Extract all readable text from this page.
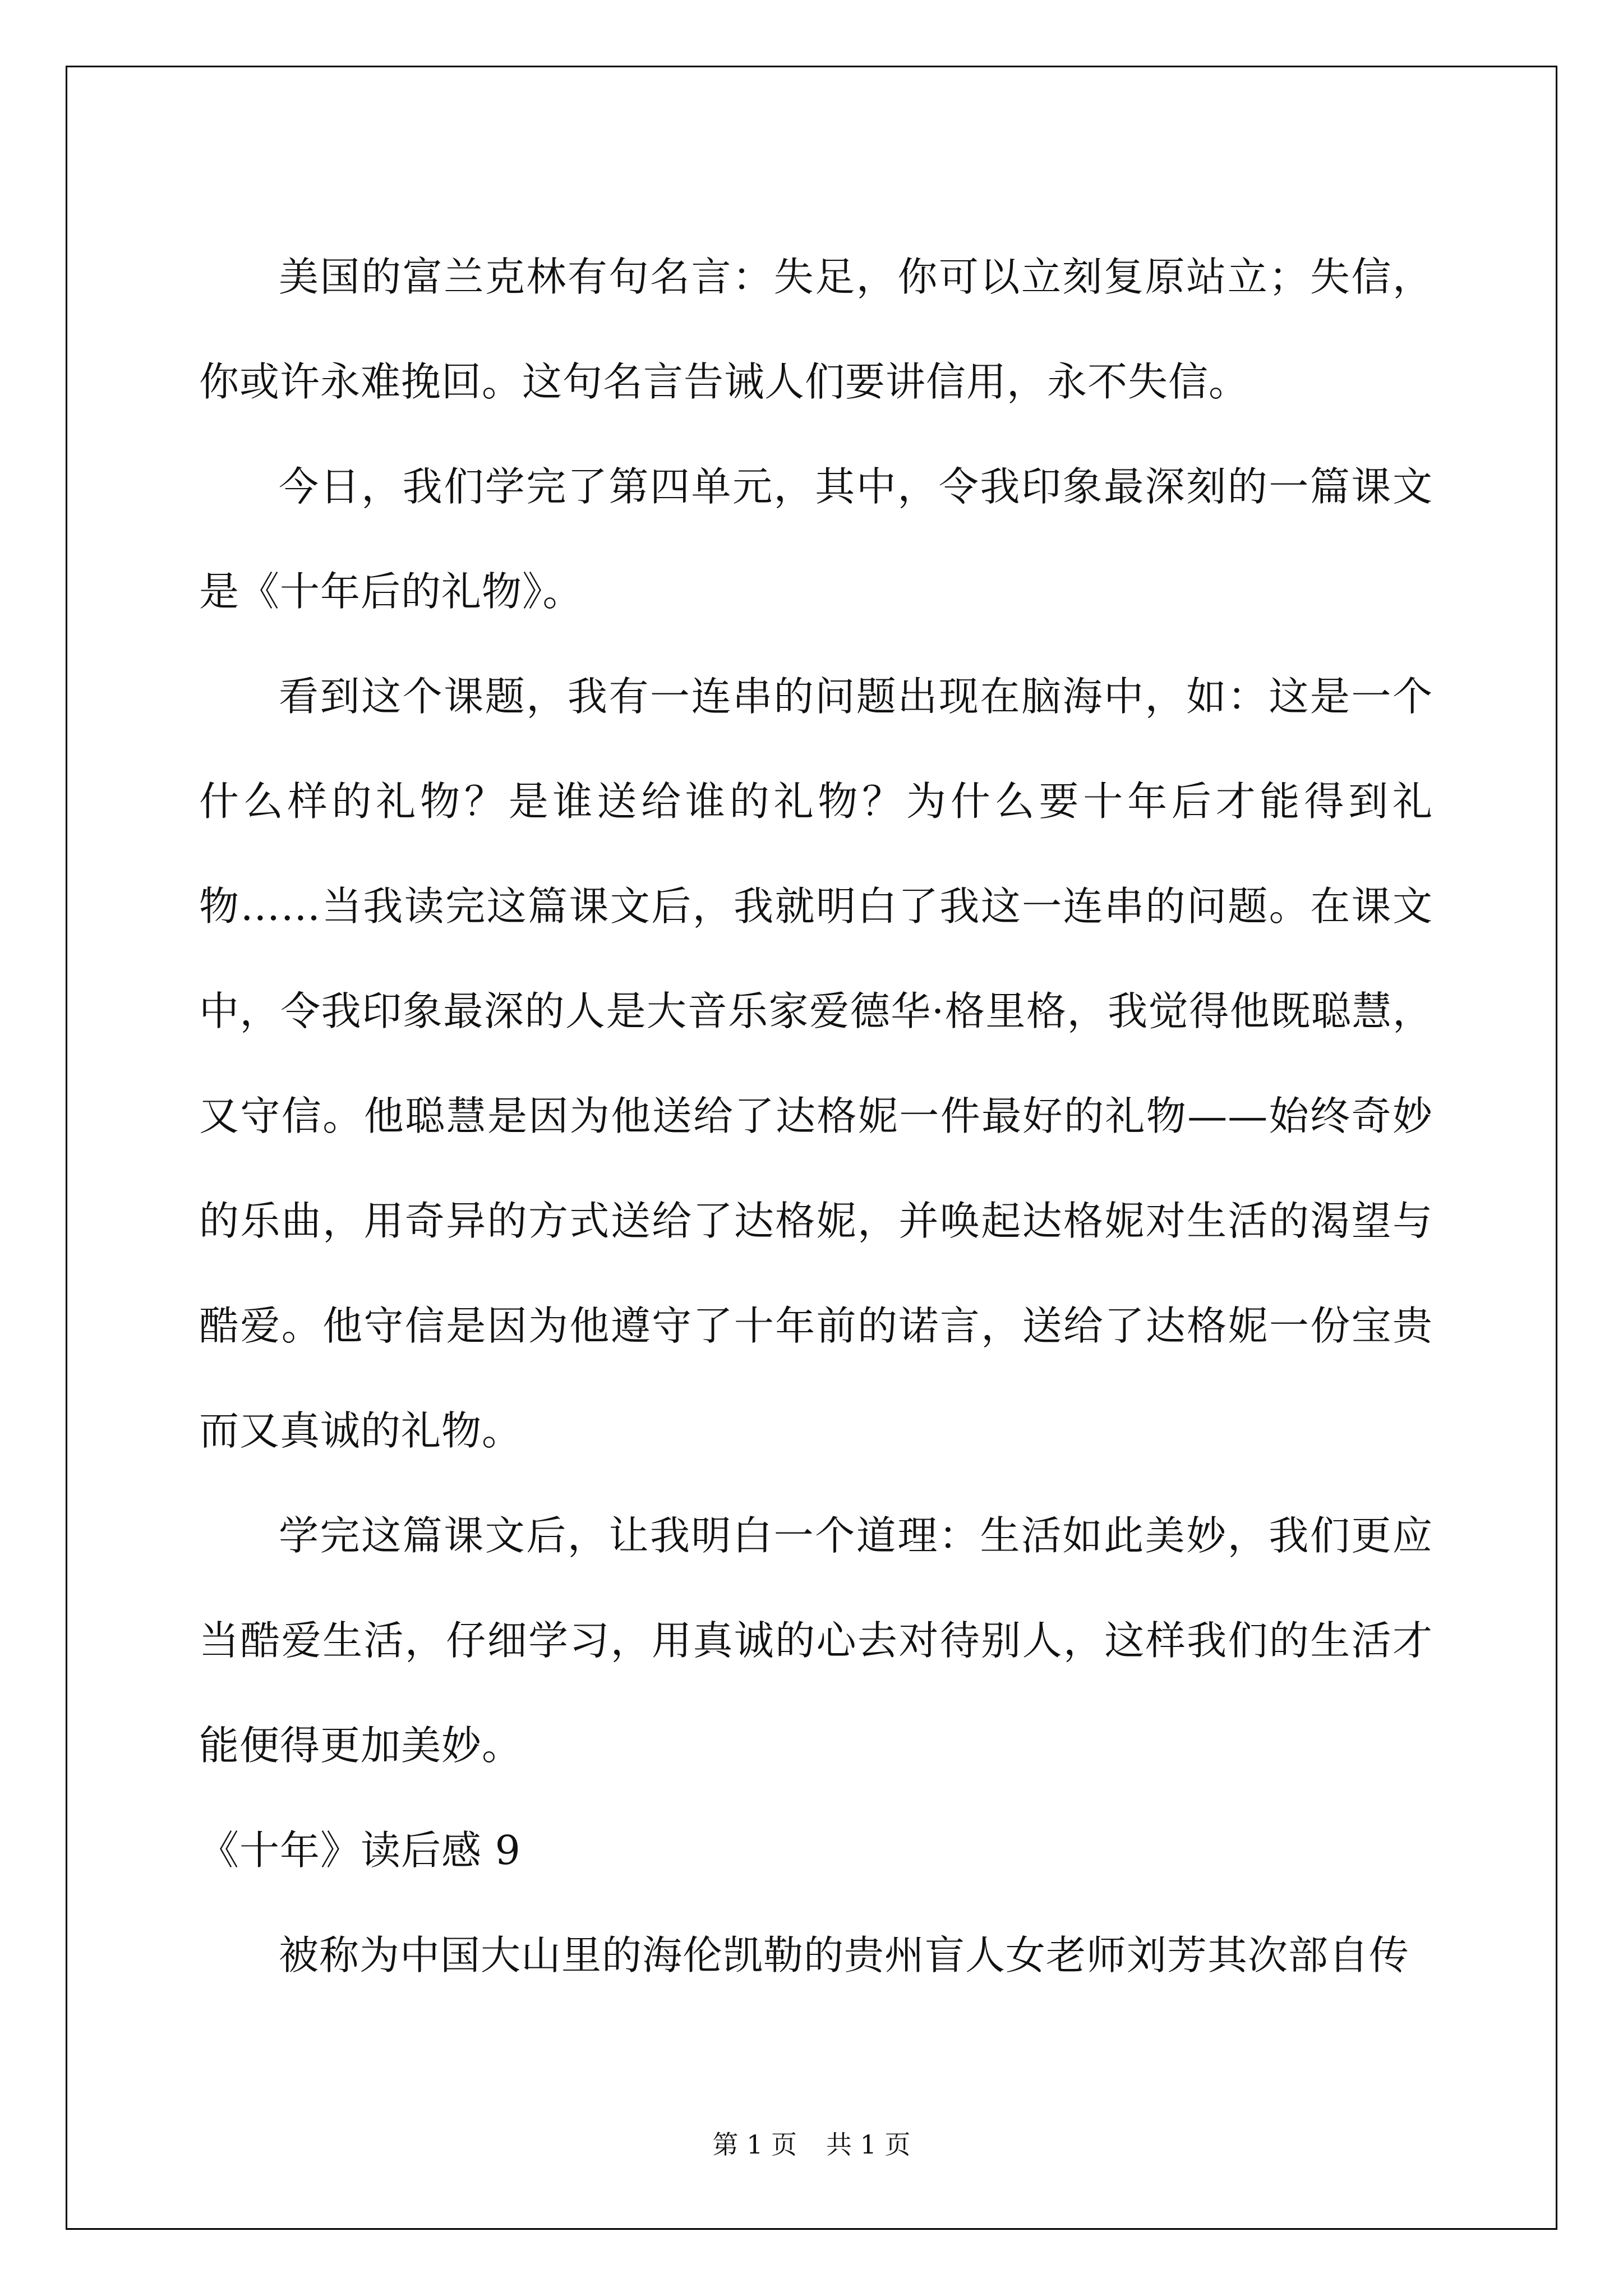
美国的富兰克林有句名言：失足，你可以立刻复原站立；失信，你或许永难挽回。这句名言告诫人们要讲信用，永不失信。

今日，我们学完了第四单元，其中，令我印象最深刻的一篇课文是《十年后的礼物》。

看到这个课题，我有一连串的问题出现在脑海中，如：这是一个什么样的礼物？是谁送给谁的礼物？为什么要十年后才能得到礼物……当我读完这篇课文后，我就明白了我这一连串的问题。在课文中，令我印象最深的人是大音乐家爱德华·格里格，我觉得他既聪慧，又守信。他聪慧是因为他送给了达格妮一件最好的礼物——始终奇妙的乐曲，用奇异的方式送给了达格妮，并唤起达格妮对生活的渴望与酷爱。他守信是因为他遵守了十年前的诺言，送给了达格妮一份宝贵而又真诚的礼物。

学完这篇课文后，让我明白一个道理：生活如此美妙，我们更应当酷爱生活，仔细学习，用真诚的心去对待别人，这样我们的生活才能便得更加美妙。

《十年》读后感 9

被称为中国大山里的海伦凯勒的贵州盲人女老师刘芳其次部自传

第 1 页 共 1 页
